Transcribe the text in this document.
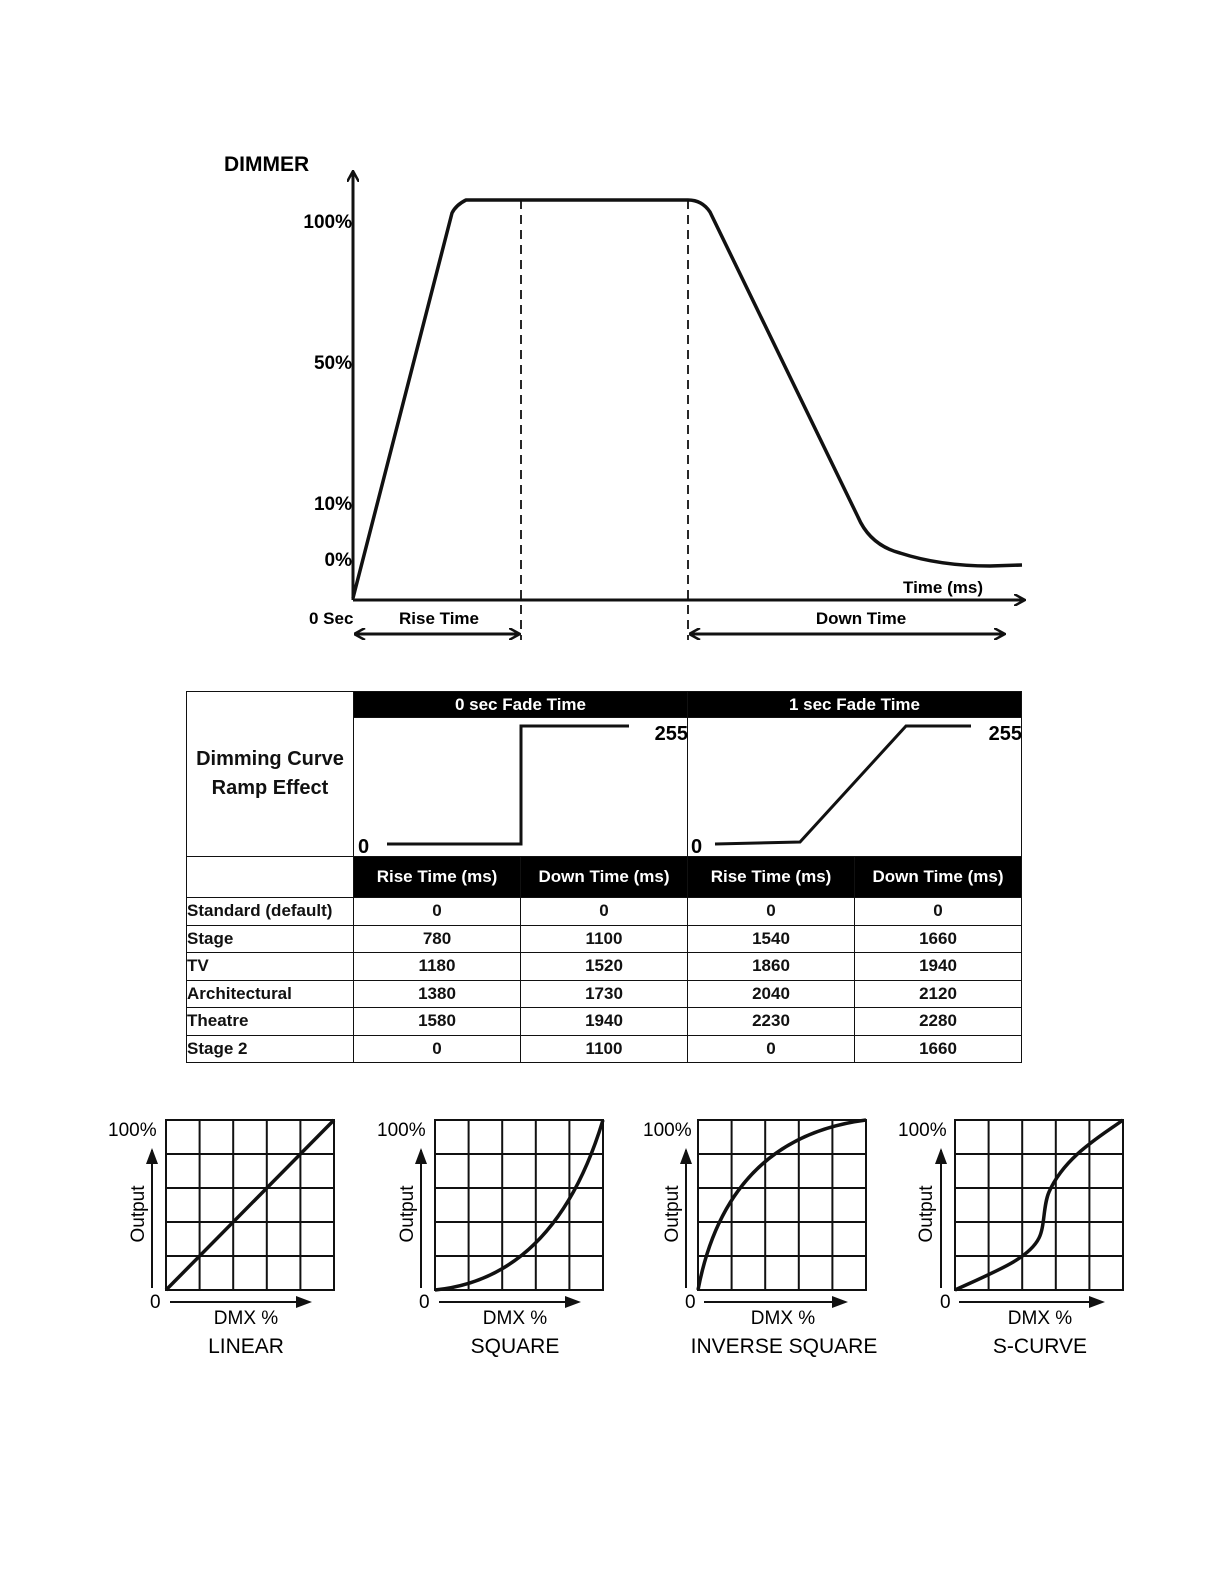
DIMMER
100%
50%
10%
0%
Time (ms)
0 Sec	Rise Time	Down Time
Dimming Curve
Ramp Effect	0 sec Fade Time		1 sec Fade Time	

0
255		0
255	

	Rise Time (ms)	Down Time (ms)	Rise Time (ms)	Down Time (ms)
Standard (default)	0	0	0	0
Stage	780	1100	1540	1660
TV	1180	1520	1860	1940
Architectural	1380	1730	2040	2120
Theatre	1580	1940	2230	2280
Stage 2	0	1100	0	1660
100%
0
Output
DMX %
LINEAR
100%
0
Output
DMX %
SQUARE
100%
0
Output
DMX %
INVERSE SQUARE
100%
0
Output
DMX %
S-CURVE
